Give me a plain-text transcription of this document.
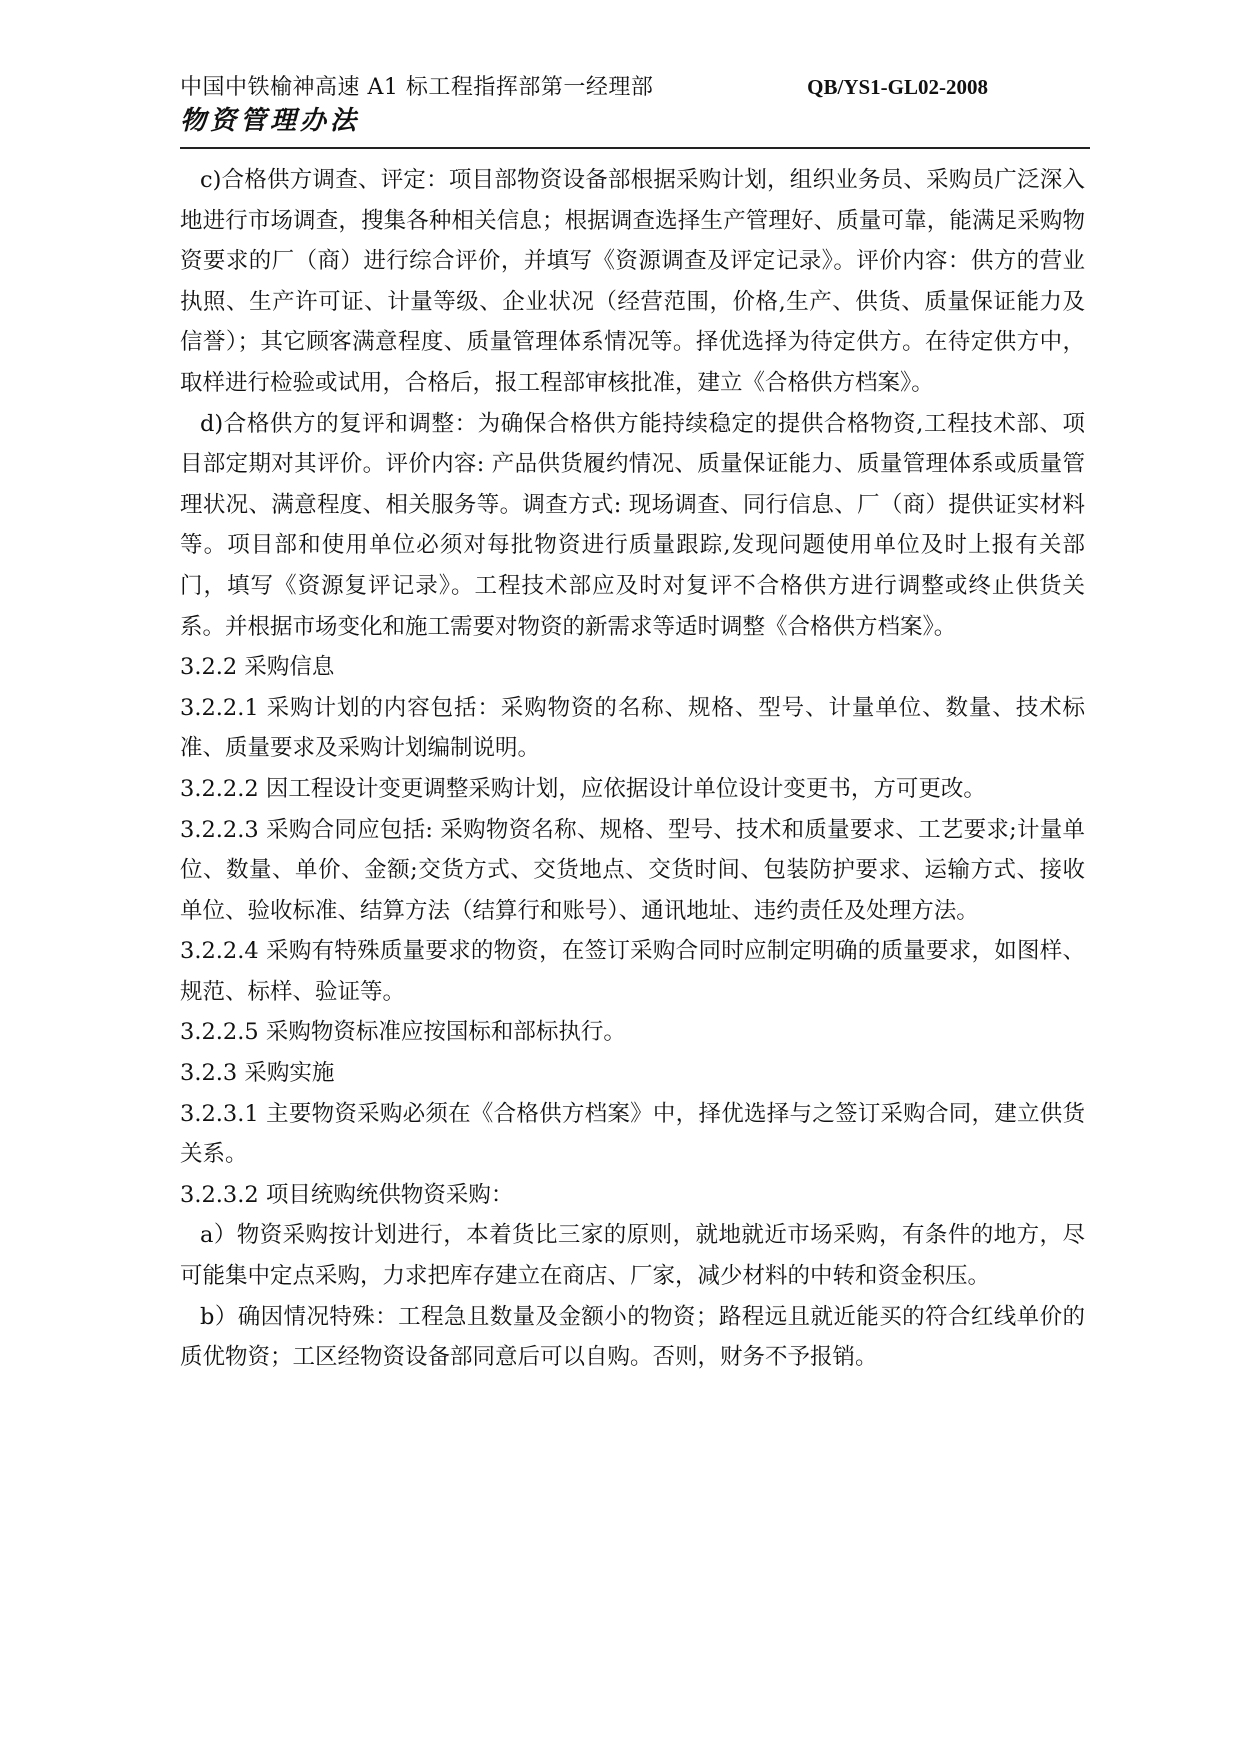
中国中铁榆神高速 A1 标工程指挥部第一经理部	QB/YS1-GL02-2008
物资管理办法

c)合格供方调查、评定：项目部物资设备部根据采购计划，组织业务员、采购员广泛深入地进行市场调查，搜集各种相关信息；根据调查选择生产管理好、质量可靠，能满足采购物资要求的厂（商）进行综合评价，并填写《资源调查及评定记录》。评价内容：供方的营业执照、生产许可证、计量等级、企业状况（经营范围，价格,生产、供货、质量保证能力及信誉）；其它顾客满意程度、质量管理体系情况等。择优选择为待定供方。在待定供方中，取样进行检验或试用，合格后，报工程部审核批准，建立《合格供方档案》。

d)合格供方的复评和调整：为确保合格供方能持续稳定的提供合格物资,工程技术部、项目部定期对其评价。评价内容: 产品供货履约情况、质量保证能力、质量管理体系或质量管理状况、满意程度、相关服务等。调查方式: 现场调查、同行信息、厂（商）提供证实材料等。项目部和使用单位必须对每批物资进行质量跟踪,发现问题使用单位及时上报有关部门，填写《资源复评记录》。工程技术部应及时对复评不合格供方进行调整或终止供货关系。并根据市场变化和施工需要对物资的新需求等适时调整《合格供方档案》。

3.2.2 采购信息

3.2.2.1 采购计划的内容包括：采购物资的名称、规格、型号、计量单位、数量、技术标准、质量要求及采购计划编制说明。

3.2.2.2 因工程设计变更调整采购计划，应依据设计单位设计变更书，方可更改。

3.2.2.3 采购合同应包括: 采购物资名称、规格、型号、技术和质量要求、工艺要求;计量单位、数量、单价、金额;交货方式、交货地点、交货时间、包装防护要求、运输方式、接收单位、验收标准、结算方法（结算行和账号）、通讯地址、违约责任及处理方法。

3.2.2.4 采购有特殊质量要求的物资，在签订采购合同时应制定明确的质量要求，如图样、规范、标样、验证等。

3.2.2.5 采购物资标准应按国标和部标执行。

3.2.3 采购实施

3.2.3.1 主要物资采购必须在《合格供方档案》中，择优选择与之签订采购合同，建立供货关系。

3.2.3.2 项目统购统供物资采购：

a）物资采购按计划进行，本着货比三家的原则，就地就近市场采购，有条件的地方，尽可能集中定点采购，力求把库存建立在商店、厂家，减少材料的中转和资金积压。

b）确因情况特殊：工程急且数量及金额小的物资；路程远且就近能买的符合红线单价的质优物资；工区经物资设备部同意后可以自购。否则，财务不予报销。
